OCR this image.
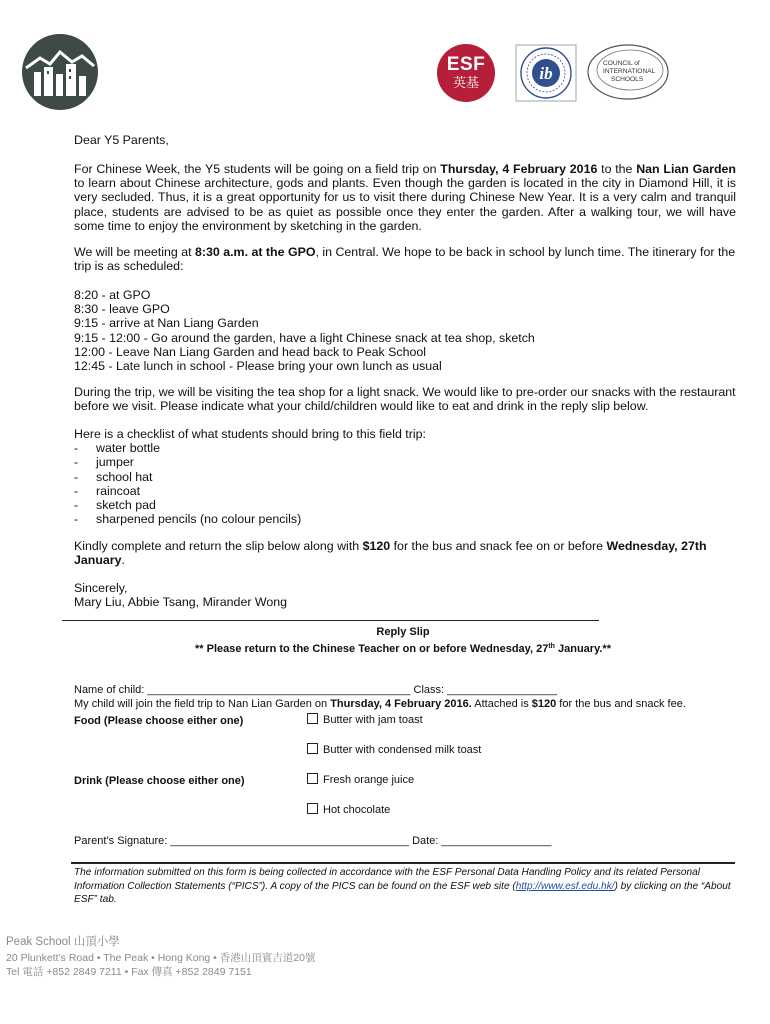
ESF
英基	ib
COUNCIL of
INTERNATIONAL
SCHOOLS

Dear Y5 Parents,

For Chinese Week, the Y5 students will be going on a field trip on Thursday, 4 February 2016 to the Nan Lian Garden to learn about Chinese architecture, gods and plants. Even though the garden is located in the city in Diamond Hill, it is very secluded. Thus, it is a great opportunity for us to visit there during Chinese New Year. It is a very calm and tranquil place, students are advised to be as quiet as possible once they enter the garden. After a walking tour, we will have some time to enjoy the environment by sketching in the garden.

We will be meeting at 8:30 a.m. at the GPO, in Central. We hope to be back in school by lunch time. The itinerary for the trip is as scheduled:

8:20 - at GPO

8:30 - leave GPO

9:15 - arrive at Nan Liang Garden

9:15 - 12:00 - Go around the garden, have a light Chinese snack at tea shop, sketch

12:00 - Leave Nan Liang Garden and head back to Peak School

12:45 - Late lunch in school - Please bring your own lunch as usual

During the trip, we will be visiting the tea shop for a light snack. We would like to pre-order our snacks with the restaurant before we visit. Please indicate what your child/children would like to eat and drink in the reply slip below.

Here is a checklist of what students should bring to this field trip:

- water bottle

- jumper

- school hat

- raincoat

- sketch pad

- sharpened pencils (no colour pencils)

Kindly complete and return the slip below along with $120 for the bus and snack fee on or before Wednesday, 27th January.

Sincerely,

Mary Liu, Abbie Tsang, Mirander Wong

Reply Slip
** Please return to the Chinese Teacher on or before Wednesday, 27th January.**
Name of child: ___________________________________________ Class: __________________
My child will join the field trip to Nan Lian Garden on Thursday, 4 February 2016. Attached is $120 for the bus and snack fee.
Food (Please choose either one)	Butter with jam toast
Butter with condensed milk toast
Drink (Please choose either one)	Fresh orange juice
Hot chocolate
Parent’s Signature: _______________________________________ Date: __________________
The information submitted on this form is being collected in accordance with the ESF Personal Data Handling Policy and its related Personal Information Collection Statements (“PICS”). A copy of the PICS can be found on the ESF web site (http://www.esf.edu.hk/) by clicking on the “About ESF” tab.
Peak School 山頂小學
20 Plunkett’s Road • The Peak • Hong Kong • 香港山頂賓吉道20號
Tel 電話 +852 2849 7211 • Fax 傳真 +852 2849 7151
